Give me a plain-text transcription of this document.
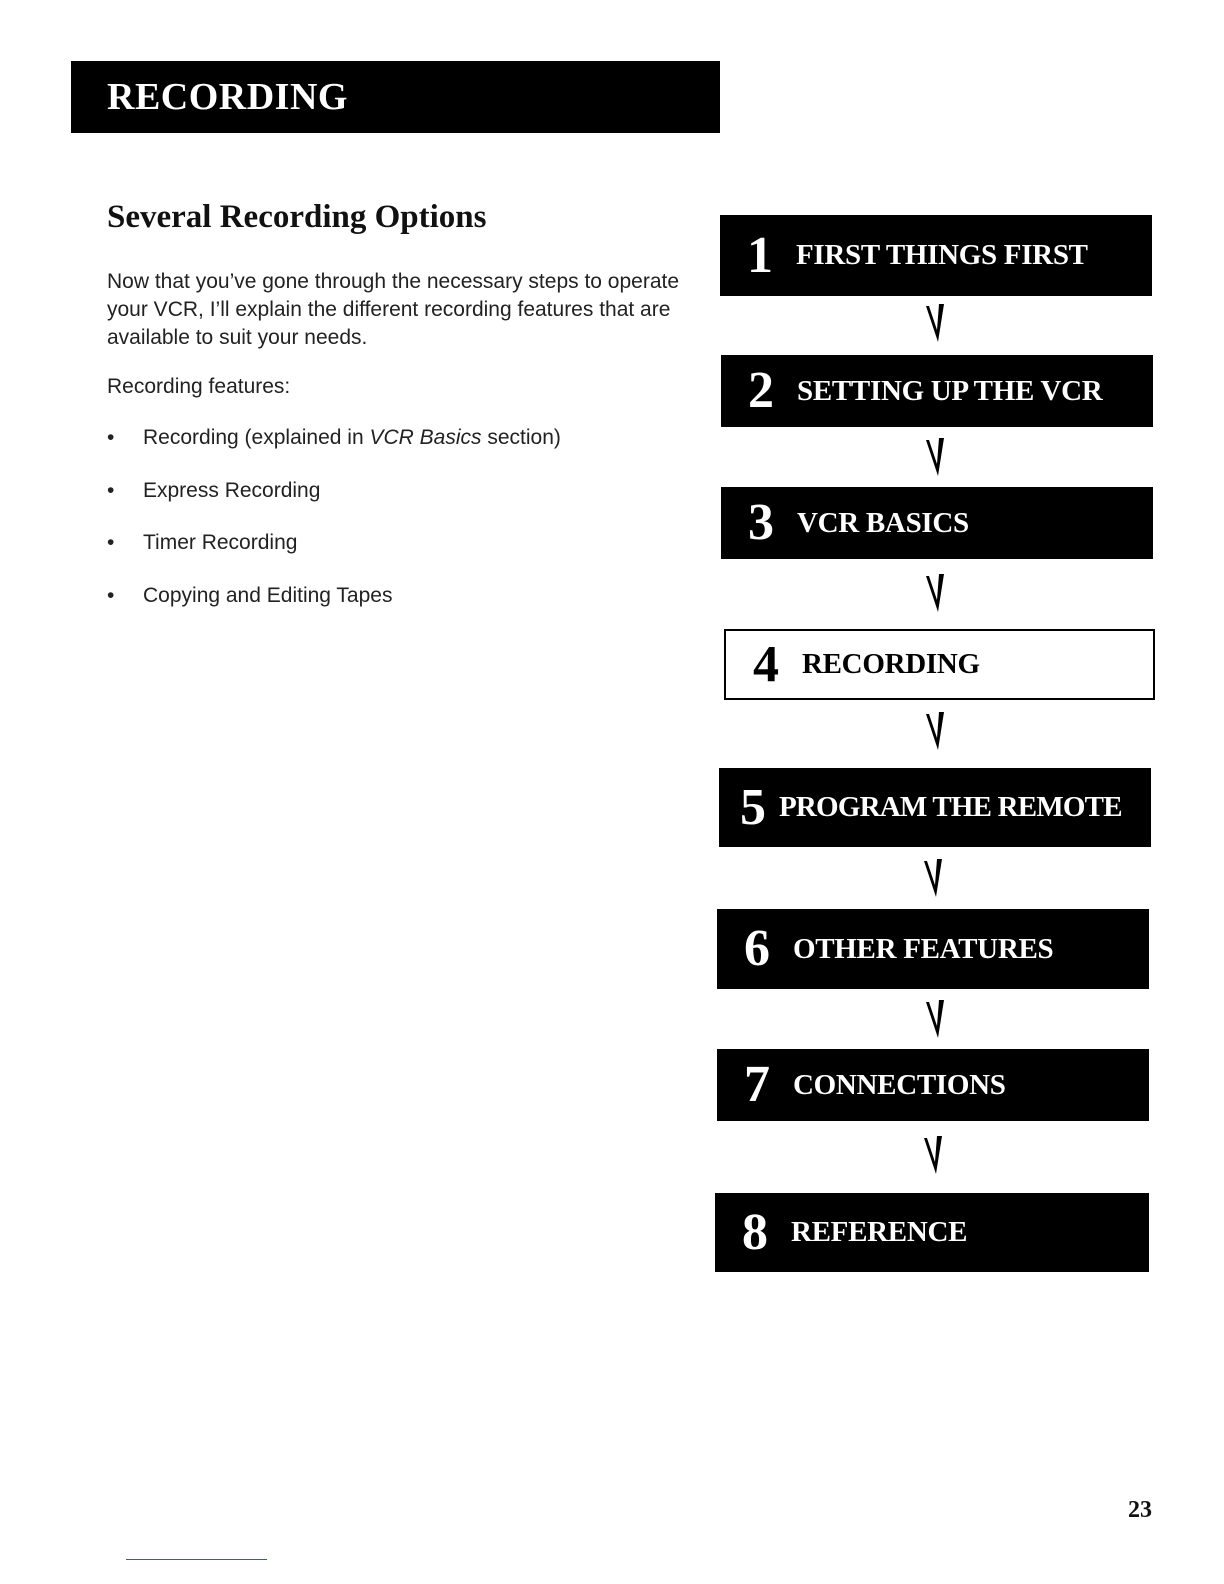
RECORDING
Several Recording Options

Now that you’ve gone through the necessary steps to operate your VCR, I’ll explain the different recording features that are available to suit your needs.

Recording features:

• Recording (explained in VCR Basics section)
• Express Recording
• Timer Recording
• Copying and Editing Tapes
1 FIRST THINGS FIRST
2 SETTING UP THE VCR
3 VCR BASICS
4 RECORDING
5 PROGRAM THE REMOTE
6 OTHER FEATURES
7 CONNECTIONS
8 REFERENCE
23
